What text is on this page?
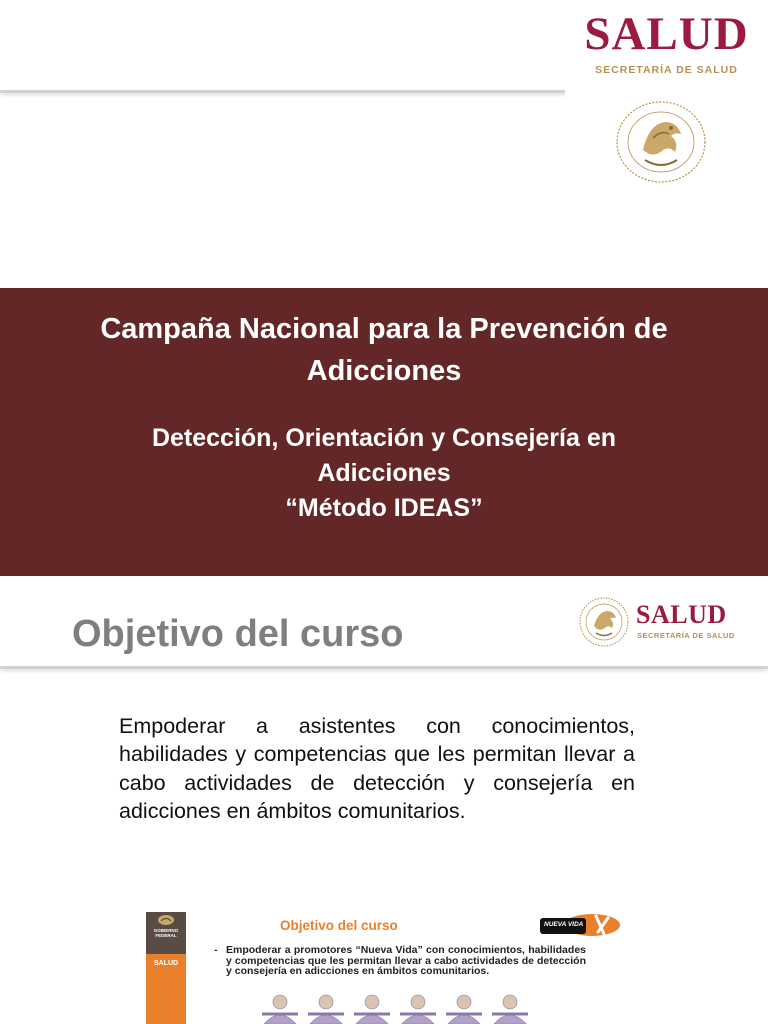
SALUD
SECRETARÍA DE SALUD
Campaña Nacional para la Prevención de Adicciones
Detección, Orientación y Consejería en
Adicciones
“Método IDEAS”
Objetivo del curso	SALUD
SECRETARÍA DE SALUD
Empoderar a asistentes con conocimientos, habilidades y competencias que les permitan llevar a cabo actividades de detección y consejería en adicciones en ámbitos comunitarios.
GOBIERNO FEDERAL
SALUD
Objetivo del curso	NUEVA VIDA
- Empoderar a promotores “Nueva Vida” con conocimientos, habilidades y competencias que les permitan llevar a cabo actividades de detección y consejería en adicciones en ámbitos comunitarios.
